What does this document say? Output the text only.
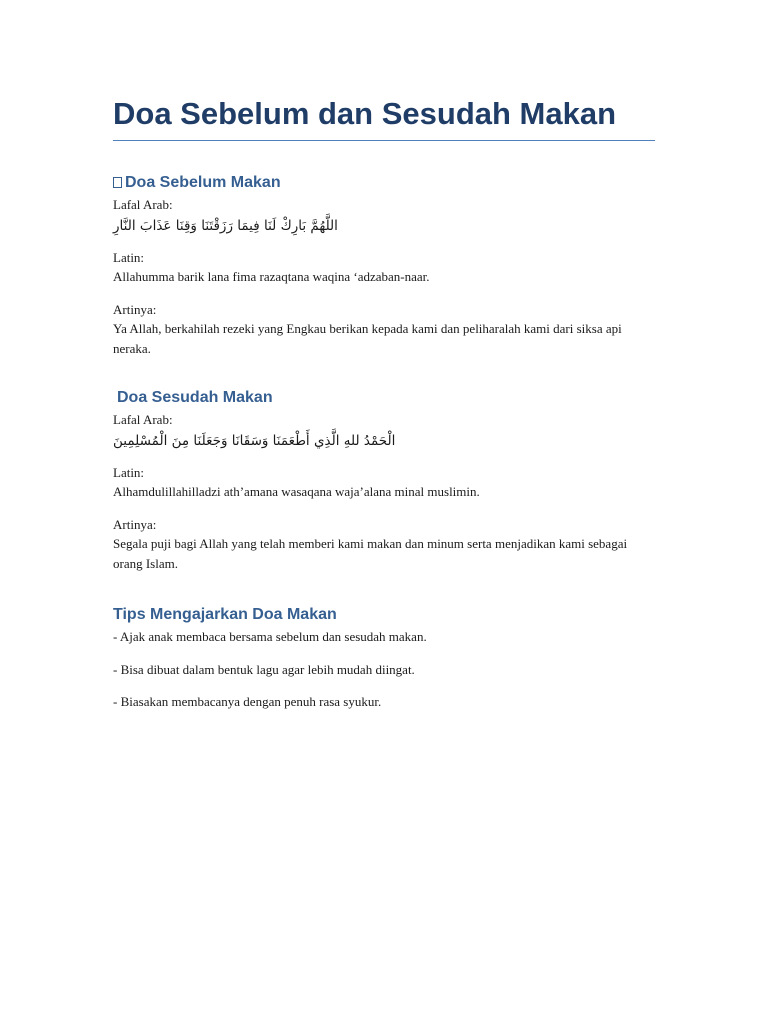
Doa Sebelum dan Sesudah Makan
Doa Sebelum Makan

Lafal Arab:

اللَّهُمَّ بَارِكْ لَنَا فِيمَا رَزَقْتَنَا وَقِنَا عَذَابَ النَّارِ

Latin:

Allahumma barik lana fima razaqtana waqina ‘adzaban-naar.

Artinya:

Ya Allah, berkahilah rezeki yang Engkau berikan kepada kami dan peliharalah kami dari siksa api neraka.

Doa Sesudah Makan

Lafal Arab:

الْحَمْدُ للهِ الَّذِي أَطْعَمَنَا وَسَقَانَا وَجَعَلَنَا مِنَ الْمُسْلِمِينَ

Latin:

Alhamdulillahilladzi ath’amana wasaqana waja’alana minal muslimin.

Artinya:

Segala puji bagi Allah yang telah memberi kami makan dan minum serta menjadikan kami sebagai orang Islam.

Tips Mengajarkan Doa Makan

- Ajak anak membaca bersama sebelum dan sesudah makan.

- Bisa dibuat dalam bentuk lagu agar lebih mudah diingat.

- Biasakan membacanya dengan penuh rasa syukur.
